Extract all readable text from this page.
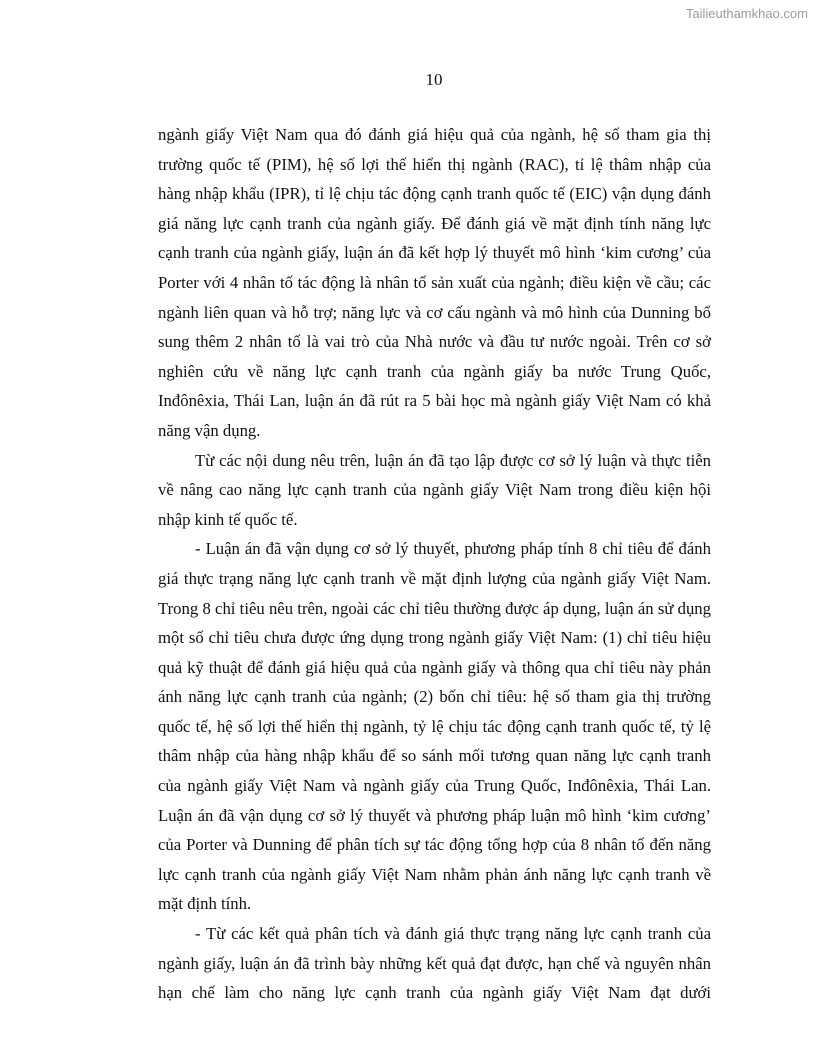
Tailieuthamkhao.com
10

ngành giấy Việt Nam qua đó đánh giá hiệu quả của ngành, hệ số tham gia thị trường quốc tế (PIM), hệ số lợi thế hiển thị ngành (RAC), tỉ lệ thâm nhập của hàng nhập khẩu (IPR), tỉ lệ chịu tác động cạnh tranh quốc tế (EIC) vận dụng đánh giá năng lực cạnh tranh của ngành giấy. Để đánh giá về mặt định tính năng lực cạnh tranh của ngành giấy, luận án đã kết hợp lý thuyết mô hình ‘kim cương’ của Porter với 4 nhân tố tác động là nhân tố sản xuất của ngành; điều kiện về cầu; các ngành liên quan và hỗ trợ; năng lực và cơ cấu ngành và mô hình của Dunning bổ sung thêm 2 nhân tố là vai trò của Nhà nước và đầu tư nước ngoài. Trên cơ sở nghiên cứu về năng lực cạnh tranh của ngành giấy ba nước Trung Quốc, Inđônêxia, Thái Lan, luận án đã rút ra 5 bài học mà ngành giấy Việt Nam có khả năng vận dụng.

Từ các nội dung nêu trên, luận án đã tạo lập được cơ sở lý luận và thực tiễn về nâng cao năng lực cạnh tranh của ngành giấy Việt Nam trong điều kiện hội nhập kinh tế quốc tế.

- Luận án đã vận dụng cơ sở lý thuyết, phương pháp tính 8 chỉ tiêu để đánh giá thực trạng năng lực cạnh tranh về mặt định lượng của ngành giấy Việt Nam. Trong 8 chỉ tiêu nêu trên, ngoài các chỉ tiêu thường được áp dụng, luận án sử dụng một số chỉ tiêu chưa được ứng dụng trong ngành giấy Việt Nam: (1) chỉ tiêu hiệu quả kỹ thuật để đánh giá hiệu quả của ngành giấy và thông qua chỉ tiêu này phản ánh năng lực cạnh tranh của ngành; (2) bốn chỉ tiêu: hệ số tham gia thị trường quốc tế, hệ số lợi thế hiển thị ngành, tỷ lệ chịu tác động cạnh tranh quốc tế, tỷ lệ thâm nhập của hàng nhập khẩu để so sánh mối tương quan năng lực cạnh tranh của ngành giấy Việt Nam và ngành giấy của Trung Quốc, Inđônêxia, Thái Lan. Luận án đã vận dụng cơ sở lý thuyết và phương pháp luận mô hình ‘kim cương’ của Porter và Dunning để phân tích sự tác động tổng hợp của 8 nhân tố đến năng lực cạnh tranh của ngành giấy Việt Nam nhằm phản ánh năng lực cạnh tranh về mặt định tính.

- Từ các kết quả phân tích và đánh giá thực trạng năng lực cạnh tranh của ngành giấy, luận án đã trình bày những kết quả đạt được, hạn chế và nguyên nhân hạn chế làm cho năng lực cạnh tranh của ngành giấy Việt Nam đạt dưới
